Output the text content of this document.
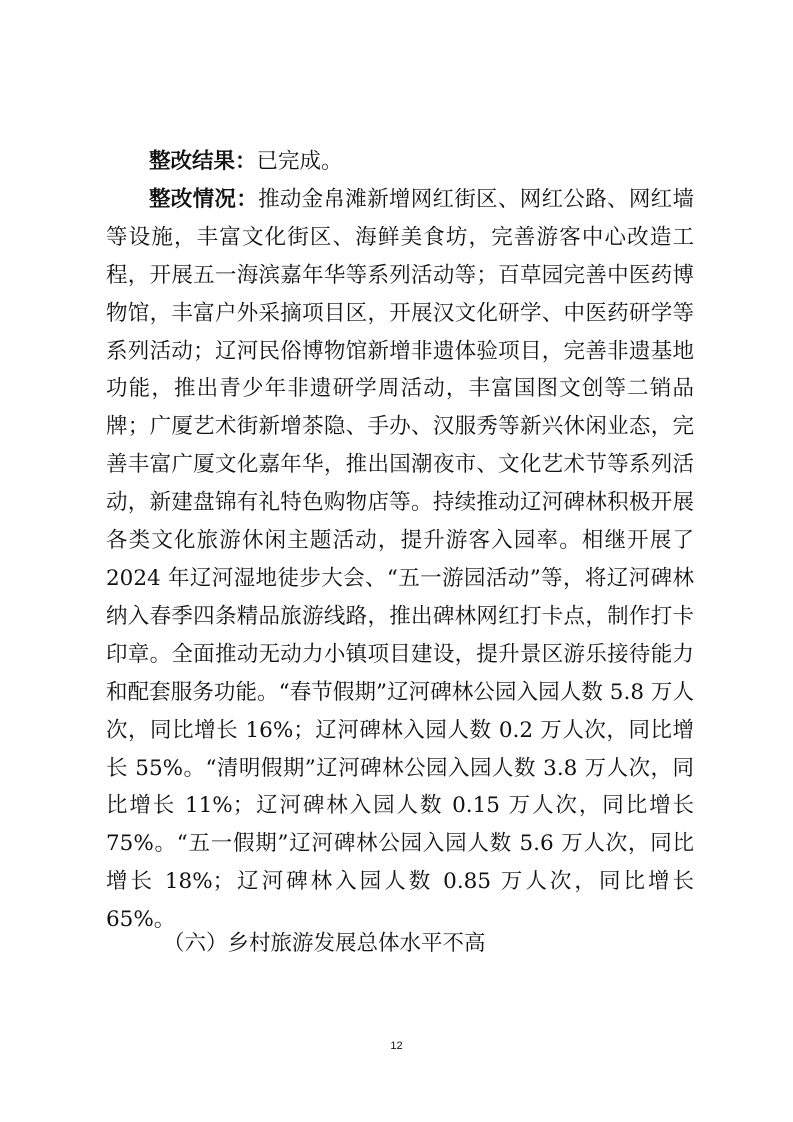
整改结果：已完成。

整改情况：推动金帛滩新增网红街区、网红公路、网红墙等设施，丰富文化街区、海鲜美食坊，完善游客中心改造工程，开展五一海滨嘉年华等系列活动等；百草园完善中医药博物馆，丰富户外采摘项目区，开展汉文化研学、中医药研学等系列活动；辽河民俗博物馆新增非遗体验项目，完善非遗基地功能，推出青少年非遗研学周活动，丰富国图文创等二销品牌；广厦艺术街新增茶隐、手办、汉服秀等新兴休闲业态，完善丰富广厦文化嘉年华，推出国潮夜市、文化艺术节等系列活动，新建盘锦有礼特色购物店等。持续推动辽河碑林积极开展各类文化旅游休闲主题活动，提升游客入园率。相继开展了 2024 年辽河湿地徒步大会、“五一游园活动”等，将辽河碑林纳入春季四条精品旅游线路，推出碑林网红打卡点，制作打卡印章。全面推动无动力小镇项目建设，提升景区游乐接待能力和配套服务功能。“春节假期”辽河碑林公园入园人数 5.8 万人次，同比增长 16%；辽河碑林入园人数 0.2 万人次，同比增长 55%。“清明假期”辽河碑林公园入园人数 3.8 万人次，同比增长 11%；辽河碑林入园人数 0.15 万人次，同比增长 75%。“五一假期”辽河碑林公园入园人数 5.6 万人次，同比增长 18%；辽河碑林入园人数 0.85 万人次，同比增长 65%。

（六）乡村旅游发展总体水平不高
12
